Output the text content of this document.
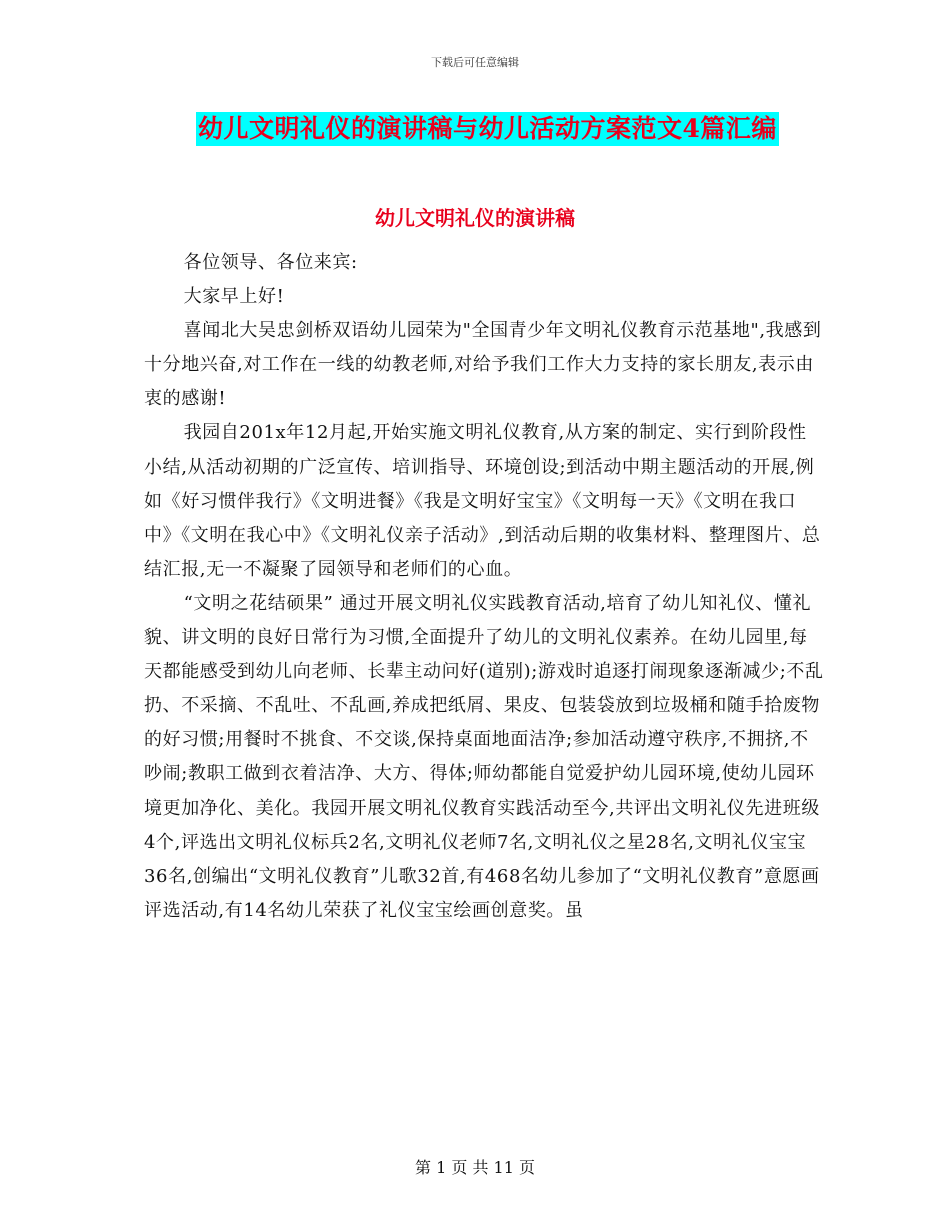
下载后可任意编辑
幼儿文明礼仪的演讲稿与幼儿活动方案范文4篇汇编
幼儿文明礼仪的演讲稿

各位领导、各位来宾:

大家早上好!

喜闻北大吴忠剑桥双语幼儿园荣为"全国青少年文明礼仪教育示范基地",我感到十分地兴奋,对工作在一线的幼教老师,对给予我们工作大力支持的家长朋友,表示由衷的感谢!

我园自201x年12月起,开始实施文明礼仪教育,从方案的制定、实行到阶段性小结,从活动初期的广泛宣传、培训指导、环境创设;到活动中期主题活动的开展,例如《好习惯伴我行》《文明进餐》《我是文明好宝宝》《文明每一天》《文明在我口中》《文明在我心中》《文明礼仪亲子活动》,到活动后期的收集材料、整理图片、总结汇报,无一不凝聚了园领导和老师们的心血。

“文明之花结硕果” 通过开展文明礼仪实践教育活动,培育了幼儿知礼仪、懂礼貌、讲文明的良好日常行为习惯,全面提升了幼儿的文明礼仪素养。在幼儿园里,每天都能感受到幼儿向老师、长辈主动问好(道别);游戏时追逐打闹现象逐渐减少;不乱扔、不采摘、不乱吐、不乱画,养成把纸屑、果皮、包装袋放到垃圾桶和随手拾废物的好习惯;用餐时不挑食、不交谈,保持桌面地面洁净;参加活动遵守秩序,不拥挤,不吵闹;教职工做到衣着洁净、大方、得体;师幼都能自觉爱护幼儿园环境,使幼儿园环境更加净化、美化。我园开展文明礼仪教育实践活动至今,共评出文明礼仪先进班级4个,评选出文明礼仪标兵2名,文明礼仪老师7名,文明礼仪之星28名,文明礼仪宝宝36名,创编出“文明礼仪教育”儿歌32首,有468名幼儿参加了“文明礼仪教育”意愿画评选活动,有14名幼儿荣获了礼仪宝宝绘画创意奖。虽

第 1 页 共 11 页
